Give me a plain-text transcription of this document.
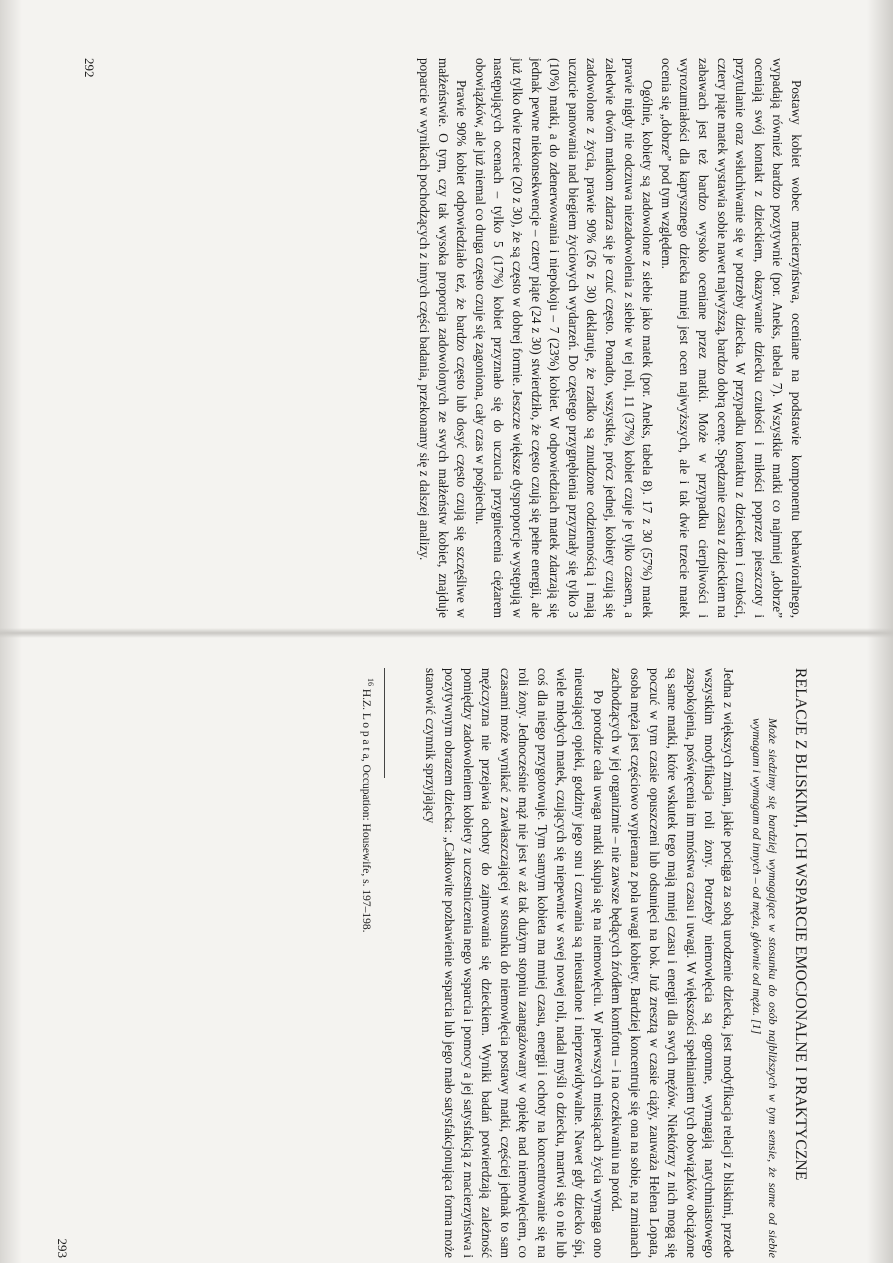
Postawy kobiet wobec macierzyństwa, oceniane na podstawie komponentu behawioralnego, wypadają również bardzo pozytywnie (por. Aneks, tabela 7). Wszystkie matki co najmniej „dobrze” oceniają swój kontakt z dzieckiem, okazywanie dziecku czułości i miłości poprzez pieszczoty i przytulanie oraz wsłuchiwanie się w potrzeby dziecka. W przypadku kontaktu z dzieckiem i czułości, cztery piąte matek wystawia sobie nawet najwyższą, bardzo dobrą ocenę. Spędzanie czasu z dzieckiem na zabawach jest też bardzo wysoko oceniane przez matki. Może w przypadku cierpliwości i wyrozumiałości dla kaprysznego dziecka mniej jest ocen najwyższych, ale i tak dwie trzecie matek ocenia się „dobrze” pod tym względem.

Ogólnie, kobiety są zadowolone z siebie jako matek (por. Aneks, tabela 8). 17 z 30 (57%) matek prawie nigdy nie odczuwa niezadowolenia z siebie w tej roli, 11 (37%) kobiet czuje je tylko czasem, a zaledwie dwóm matkom zdarza się je czuć często. Ponadto, wszystkie, prócz jednej, kobiety czują się zadowolone z życia, prawie 90% (26 z 30) deklaruje, że rzadko są znudzone codziennością i mają uczucie panowania nad biegiem życiowych wydarzeń. Do częstego przygnębienia przyznały się tylko 3 (10%) matki, a do zdenerwowania i niepokoju – 7 (23%) kobiet. W odpowiedziach matek zdarzają się jednak pewne niekonsekwencje – cztery piąte (24 z 30) stwierdziło, że często czują się pełne energii, ale już tylko dwie trzecie (20 z 30), że są często w dobrej formie. Jeszcze większe dysproporcje występują w następujących ocenach – tylko 5 (17%) kobiet przyznało się do uczucia przygniecenia ciężarem obowiązków, ale już niemal co druga często czuje się zagoniona, cały czas w pośpiechu.

Prawie 90% kobiet odpowiedziało też, że bardzo często lub dosyć często czują się szczęśliwe w małżeństwie. O tym, czy tak wysoka proporcja zadowolonych ze swych małżeństw kobiet, znajduje poparcie w wynikach pochodzących z innych części badania, przekonamy się z dalszej analizy.

292
RELACJE Z BLISKIMI, ICH WSPARCIE EMOCJONALNE I PRAKTYCZNE

Może siedzimy się bardziej wymagające w stosunku do osób najbliższych w tym sensie, że same od siebie wymagam i wymagam od innych – od męża, głównie od męża. [1]

Jedna z większych zmian, jakie pociąga za sobą urodzenie dziecka, jest modyfikacja relacji z bliskimi, przede wszystkim modyfikacja roli żony. Potrzeby niemowlęcia są ogromne, wymagają natychmiastowego zaspokojenia, poświęcenia im mnóstwa czasu i uwagi. W większości spełnianiem tych obowiązków obciążone są same matki, które wskutek tego mają mniej czasu i energii dla swych mężów. Niektórzy z nich mogą się poczuć w tym czasie opuszczeni lub odsunięci na bok. Już zresztą w czasie ciąży, zauważa Helena Lopata, osoba męża jest częściowo wypierana z pola uwagi kobiety. Bardziej koncentruje się ona na sobie, na zmianach zachodzących w jej organizmie – nie zawsze będących źródłem komfortu – i na oczekiwaniu na poród.

Po porodzie cała uwaga matki skupia się na niemowlęciu. W pierwszych miesiącach życia wymaga ono nieustającej opieki, godziny jego snu i czuwania są nieustalone i nieprzewidywalne. Nawet gdy dziecko śpi, wiele młodych matek, czujących się niepewnie w swej nowej roli, nadal myśli o dziecku, martwi się o nie lub coś dla niego przygotowuje. Tym samym kobieta ma mniej czasu, energii i ochoty na koncentrowanie się na roli żony. Jednocześnie mąż nie jest w aż tak dużym stopniu zaangażowany w opiekę nad niemowlęciem, co czasami może wynikać z zawłaszczającej w stosunku do niemowlęcia postawy matki, częściej jednak to sam mężczyzna nie przejawia ochoty do zajmowania się dzieckiem. Wyniki badań potwierdzają zależność pomiędzy zadowoleniem kobiety z uczestniczenia nego wsparcia i pomocy a jej satysfakcją z macierzyństwa i pozytywnym obrazem dziecka: „Całkowite pozbawienie wsparcia lub jego mało satysfakcjonująca forma może stanowić czynnik sprzyjający

$^{16}$ H.Z. L o p a t a, Occupation: Housewife, s. 197–198.

293
